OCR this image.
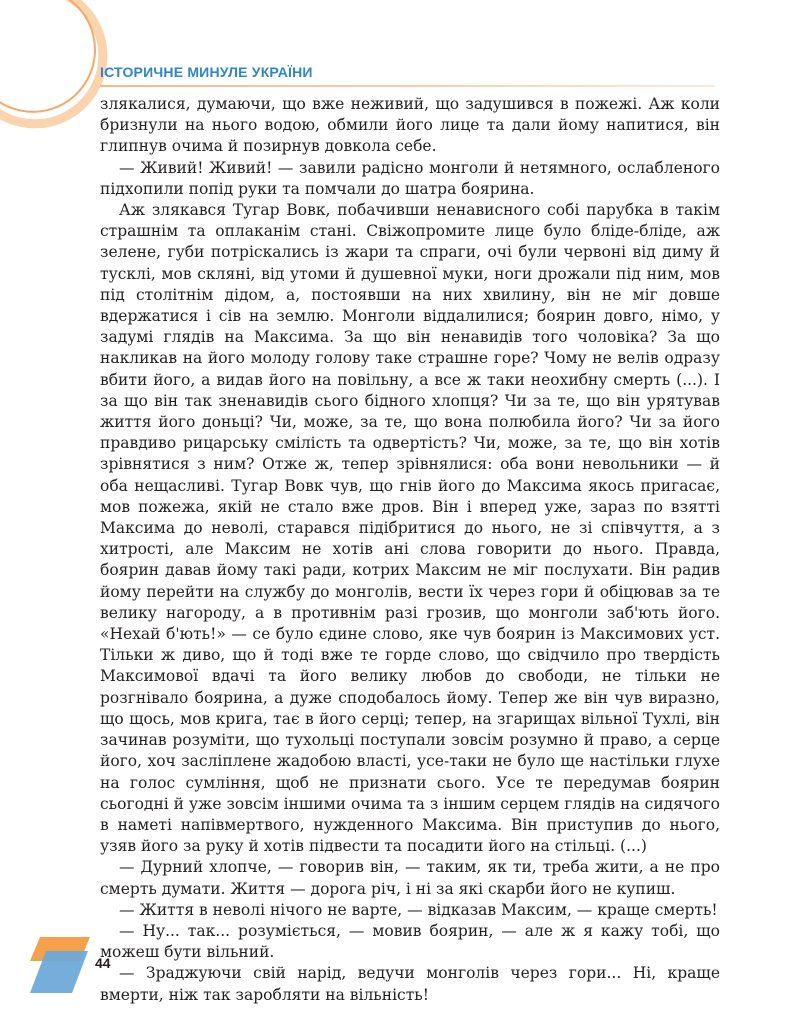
ІСТОРИЧНЕ МИНУЛЕ УКРАЇНИ

злякалися, думаючи, що вже неживий, що задушився в пожежі. Аж коли бризнули на нього водою, обмили його лице та дали йому напитися, він глипнув очима й позирнув довкола себе.

— Живий! Живий! — завили радісно монголи й нетямного, ослабленого підхопили попід руки та помчали до шатра боярина.

Аж злякався Тугар Вовк, побачивши ненависного собі парубка в такім страшнім та оплаканім стані. Свіжопромите лице було бліде-бліде, аж зелене, губи потріскались із жари та спраги, очі були червоні від диму й тусклі, мов скляні, від утоми й душевної муки, ноги дрожали під ним, мов під столітнім дідом, а, постоявши на них хвилину, він не міг довше вдержатися і сів на землю. Монголи віддалилися; боярин довго, німо, у задумі глядів на Максима. За що він ненавидів того чоловіка? За що накликав на його молоду голову таке страшне горе? Чому не велів одразу вбити його, а видав його на повільну, а все ж таки неохибну смерть (...). І за що він так зненавидів сього бідного хлопця? Чи за те, що він урятував життя його доньці? Чи, може, за те, що вона полюбила його? Чи за його правдиво рицарську смілість та одвертість? Чи, може, за те, що він хотів зрівнятися з ним? Отже ж, тепер зрівнялися: оба вони невольники — й оба нещасливі. Тугар Вовк чув, що гнів його до Максима якось пригасає, мов пожежа, якій не стало вже дров. Він і вперед уже, зараз по взятті Максима до неволі, старався підібритися до нього, не зі співчуття, а з хитрості, але Максим не хотів ані слова говорити до нього. Правда, боярин давав йому такі ради, котрих Максим не міг послухати. Він радив йому перейти на службу до монголів, вести їх через гори й обіцював за те велику нагороду, а в противнім разі грозив, що монголи заб'ють його. «Нехай б'ють!» — се було єдине слово, яке чув боярин із Максимових уст. Тільки ж диво, що й тоді вже те горде слово, що свідчило про твердість Максимової вдачі та його велику любов до свободи, не тільки не розгнівало боярина, а дуже сподобалось йому. Тепер же він чув виразно, що щось, мов крига, тає в його серці; тепер, на згарищах вільної Тухлі, він зачинав розуміти, що тухольці поступали зовсім розумно й право, а серце його, хоч засліплене жадобою власті, усе-таки не було ще настільки глухе на голос сумління, щоб не признати сього. Усе те передумав боярин сьогодні й уже зовсім іншими очима та з іншим серцем глядів на сидячого в наметі напівмертвого, нужденного Максима. Він приступив до нього, узяв його за руку й хотів підвести та посадити його на стільці. (...)

— Дурний хлопче, — говорив він, — таким, як ти, треба жити, а не про смерть думати. Життя — дорога річ, і ні за які скарби його не купиш.

— Життя в неволі нічого не варте, — відказав Максим, — краще смерть!

— Ну... так... розуміється, — мовив боярин, — але ж я кажу тобі, що можеш бути вільний.

— Зраджуючи свій нарід, ведучи монголів через гори... Ні, краще вмерти, ніж так заробляти на вільність!

44
